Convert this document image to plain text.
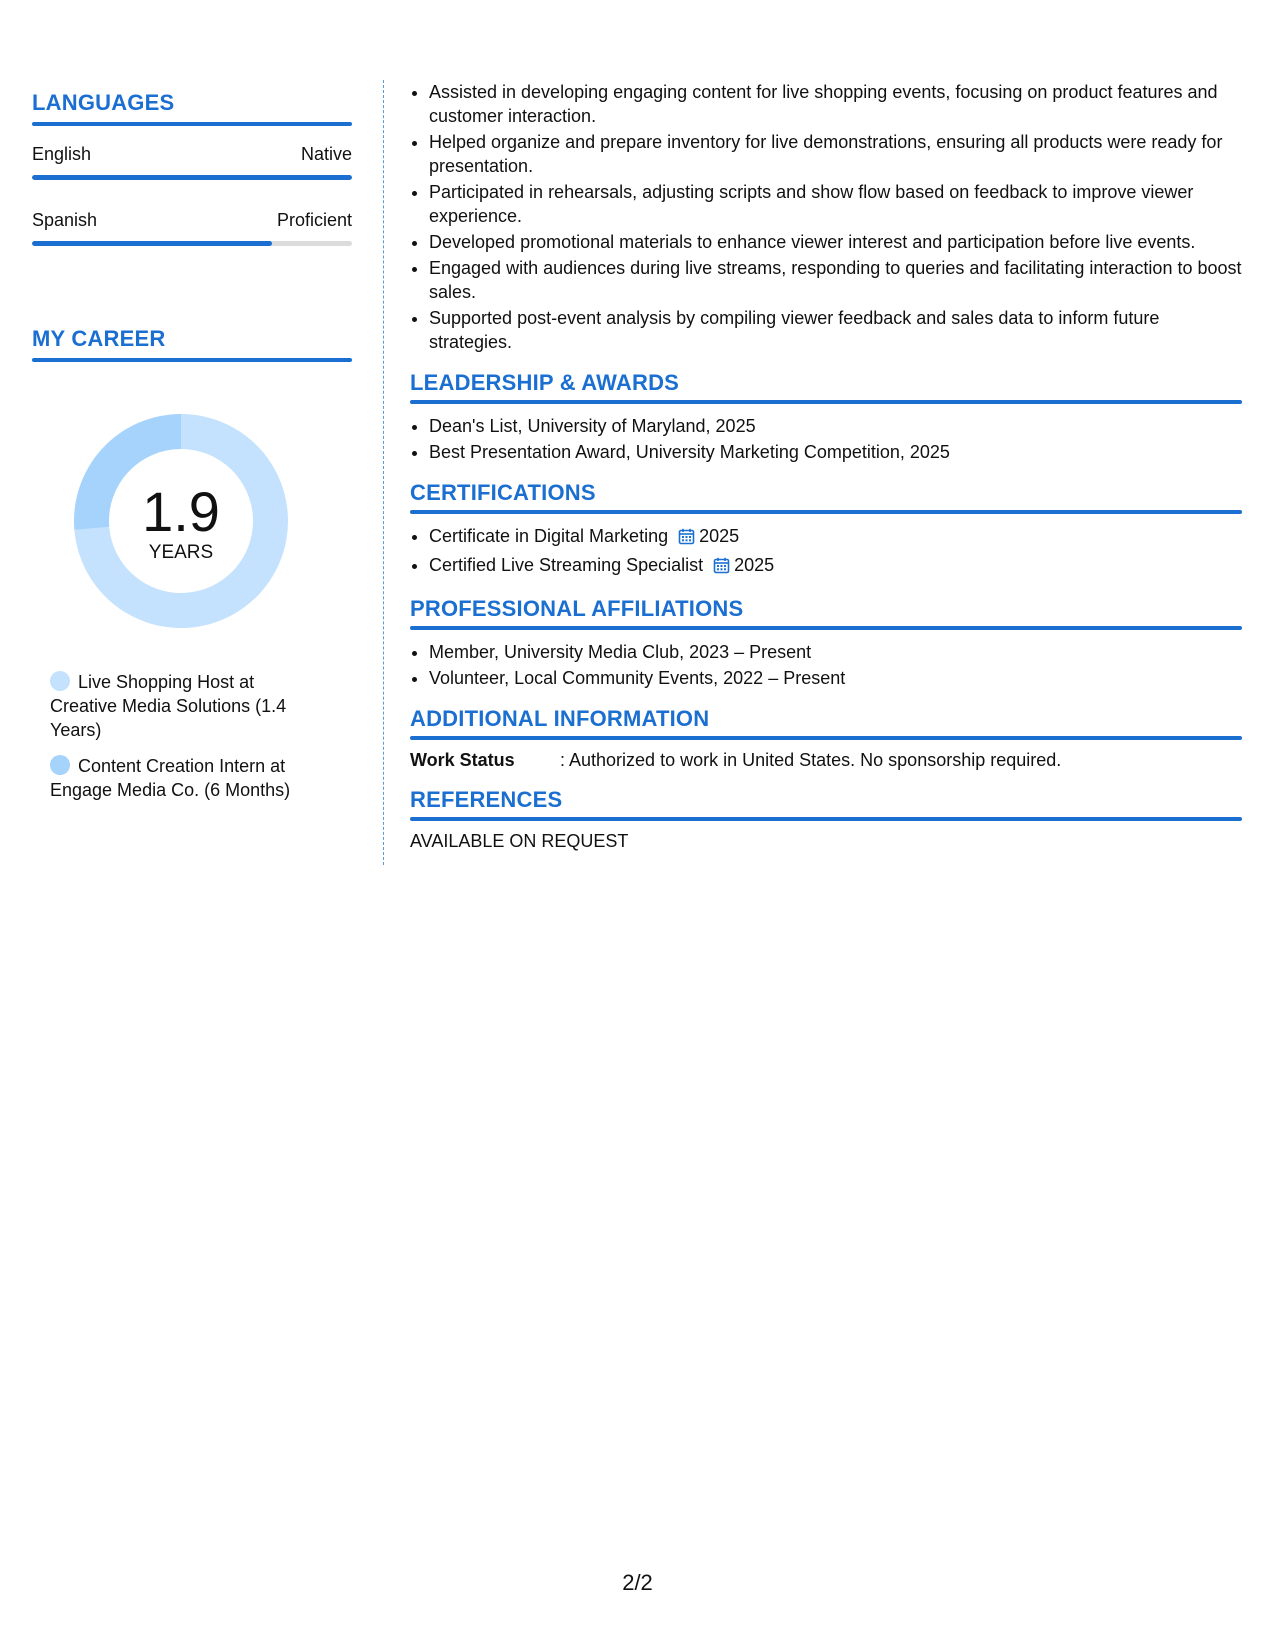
LANGUAGES
English	Native
Spanish	Proficient
MY CAREER
1.9
YEARS
Live Shopping Host at Creative Media Solutions (1.4 Years)
Content Creation Intern at Engage Media Co. (6 Months)
• Assisted in developing engaging content for live shopping events, focusing on product features and customer interaction.
• Helped organize and prepare inventory for live demonstrations, ensuring all products were ready for presentation.
• Participated in rehearsals, adjusting scripts and show flow based on feedback to improve viewer experience.
• Developed promotional materials to enhance viewer interest and participation before live events.
• Engaged with audiences during live streams, responding to queries and facilitating interaction to boost sales.
• Supported post-event analysis by compiling viewer feedback and sales data to inform future strategies.
LEADERSHIP & AWARDS
• Dean's List, University of Maryland, 2025
• Best Presentation Award, University Marketing Competition, 2025
CERTIFICATIONS
• Certificate in Digital Marketing 2025
• Certified Live Streaming Specialist 2025
PROFESSIONAL AFFILIATIONS
• Member, University Media Club, 2023 – Present
• Volunteer, Local Community Events, 2022 – Present
ADDITIONAL INFORMATION
Work Status	: Authorized to work in United States. No sponsorship required.
REFERENCES
AVAILABLE ON REQUEST
2/2
